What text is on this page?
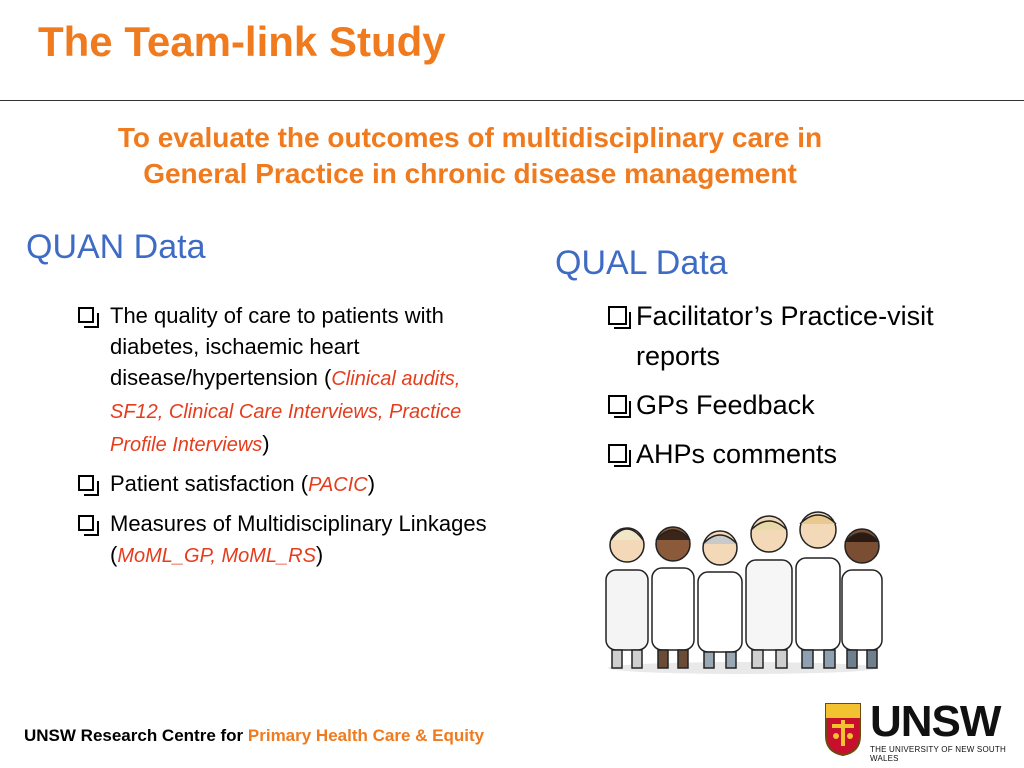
The Team-link Study
To evaluate the outcomes of multidisciplinary care in
General Practice in chronic disease management
QUAN Data
The quality of care to patients with diabetes, ischaemic heart disease/hypertension (Clinical audits, SF12, Clinical Care Interviews, Practice Profile Interviews)
Patient satisfaction (PACIC)
Measures of Multidisciplinary Linkages (MoML_GP, MoML_RS)
QUAL Data
Facilitator’s Practice-visit reports
GPs Feedback
AHPs comments
UNSW Research Centre for Primary Health Care & Equity	UNSW
THE UNIVERSITY OF NEW SOUTH WALES
